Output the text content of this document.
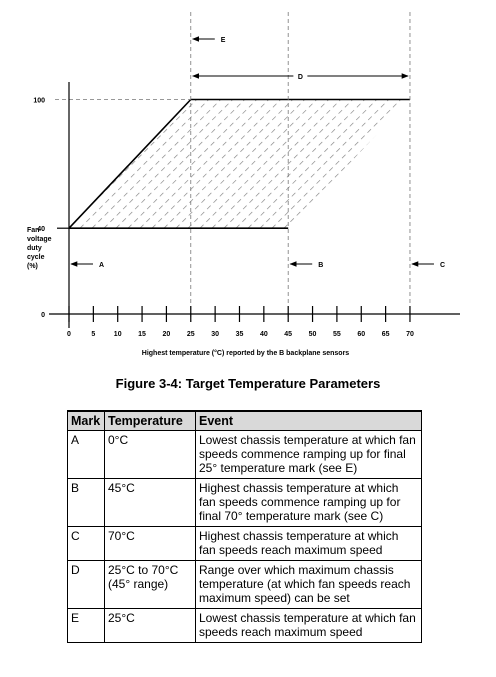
0	5	10 15 20 25 30 35 40 45 50 55 60 65 70
100
40
0
A	B	C
E
D
Fan voltage duty cycle (%)
Highest temperature (°C) reported by the B backplane sensors
Figure 3-4: Target Temperature Parameters
Mark	Temperature	Event
A	0°C	Lowest chassis temperature at which fan speeds commence ramping up for final 25° temperature mark (see E)
B	45°C	Highest chassis temperature at which fan speeds commence ramping up for final 70° temperature mark (see C)
C	70°C	Highest chassis temperature at which fan speeds reach maximum speed
D	25°C to 70°C (45° range)	Range over which maximum chassis temperature (at which fan speeds reach maximum speed) can be set
E	25°C	Lowest chassis temperature at which fan speeds reach maximum speed
